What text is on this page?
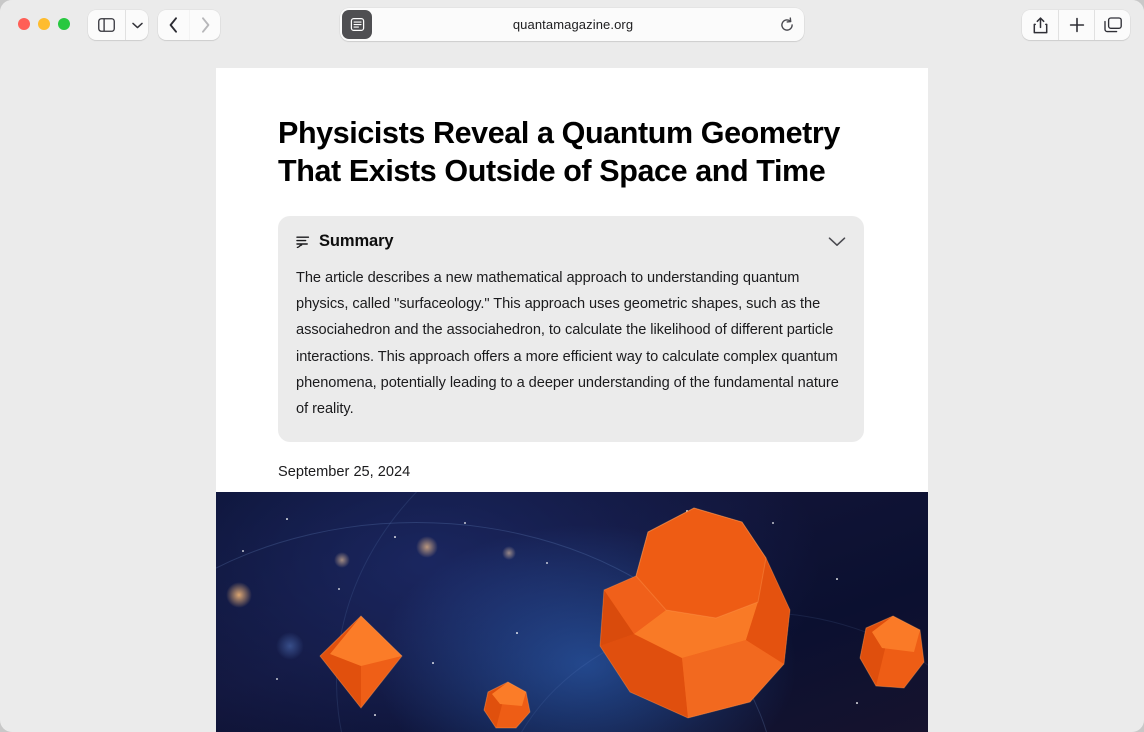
quantamagazine.org
Physicists Reveal a Quantum Geometry That Exists Outside of Space and Time
Summary
The article describes a new mathematical approach to understanding quantum physics, called "surfaceology." This approach uses geometric shapes, such as the associahedron and the associahedron, to calculate the likelihood of different particle interactions. This approach offers a more efficient way to calculate complex quantum phenomena, potentially leading to a deeper understanding of the fundamental nature of reality.
September 25, 2024
